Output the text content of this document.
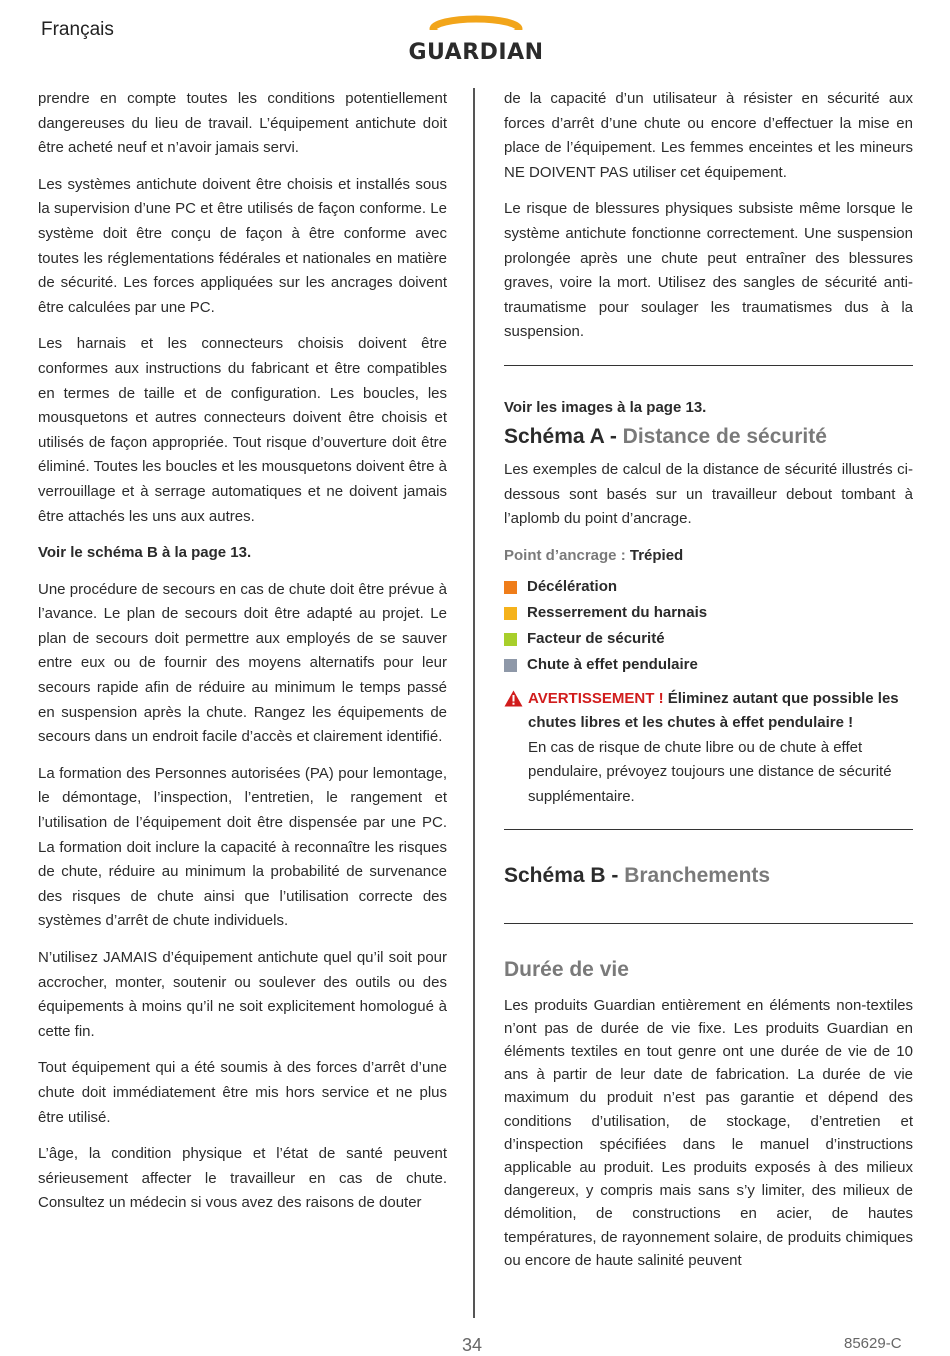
Français
GUARDIAN

prendre en compte toutes les conditions potentiellement dangereuses du lieu de travail. L’équipement antichute doit être acheté neuf et n’avoir jamais servi.

Les systèmes antichute doivent être choisis et installés sous la supervision d’une PC et être utilisés de façon conforme. Le système doit être conçu de façon à être conforme avec toutes les réglementations fédérales et nationales en matière de sécurité. Les forces appliquées sur les ancrages doivent être calculées par une PC.

Les harnais et les connecteurs choisis doivent être conformes aux instructions du fabricant et être compatibles en termes de taille et de configuration. Les boucles, les mousquetons et autres connecteurs doivent être choisis et utilisés de façon appropriée. Tout risque d’ouverture doit être éliminé. Toutes les boucles et les mousquetons doivent être à verrouillage et à serrage automatiques et ne doivent jamais être attachés les uns aux autres.

Voir le schéma B à la page 13.

Une procédure de secours en cas de chute doit être prévue à l’avance. Le plan de secours doit être adapté au projet. Le plan de secours doit permettre aux employés de se sauver entre eux ou de fournir des moyens alternatifs pour leur secours rapide afin de réduire au minimum le temps passé en suspension après la chute. Rangez les équipements de secours dans un endroit facile d’accès et clairement identifié.

La formation des Personnes autorisées (PA) pour lemontage, le démontage, l’inspection, l’entretien, le rangement et l’utilisation de l’équipement doit être dispensée par une PC. La formation doit inclure la capacité à reconnaître les risques de chute, réduire au minimum la probabilité de survenance des risques de chute ainsi que l’utilisation correcte des systèmes d’arrêt de chute individuels.

N’utilisez JAMAIS d’équipement antichute quel qu’il soit pour accrocher, monter, soutenir ou soulever des outils ou des équipements à moins qu’il ne soit explicitement homologué à cette fin.

Tout équipement qui a été soumis à des forces d’arrêt d’une chute doit immédiatement être mis hors service et ne plus être utilisé.

L’âge, la condition physique et l’état de santé peuvent sérieusement affecter le travailleur en cas de chute. Consultez un médecin si vous avez des raisons de douter

de la capacité d’un utilisateur à résister en sécurité aux forces d’arrêt d’une chute ou encore d’effectuer la mise en place de l’équipement. Les femmes enceintes et les mineurs NE DOIVENT PAS utiliser cet équipement.

Le risque de blessures physiques subsiste même lorsque le système antichute fonctionne correctement. Une suspension prolongée après une chute peut entraîner des blessures graves, voire la mort. Utilisez des sangles de sécurité anti-traumatisme pour soulager les traumatismes dus à la suspension.

Voir les images à la page 13.

Schéma A - Distance de sécurité

Les exemples de calcul de la distance de sécurité illustrés ci-dessous sont basés sur un travailleur debout tombant à l’aplomb du point d’ancrage.

Point d’ancrage : Trépied

Décélération
Resserrement du harnais
Facteur de sécurité
Chute à effet pendulaire
AVERTISSEMENT ! Éliminez autant que possible les chutes libres et les chutes à effet pendulaire !
En cas de risque de chute libre ou de chute à effet pendulaire, prévoyez toujours une distance de sécurité supplémentaire.
Schéma B - Branchements
Durée de vie

Les produits Guardian entièrement en éléments non-textiles n’ont pas de durée de vie fixe. Les produits Guardian en éléments textiles en tout genre ont une durée de vie de 10 ans à partir de leur date de fabrication. La durée de vie maximum du produit n’est pas garantie et dépend des conditions d’utilisation, de stockage, d’entretien et d’inspection spécifiées dans le manuel d’instructions applicable au produit. Les produits exposés à des milieux dangereux, y compris mais sans s’y limiter, des milieux de démolition, de constructions en acier, de hautes températures, de rayonnement solaire, de produits chimiques ou encore de haute salinité peuvent

34	85629-C
